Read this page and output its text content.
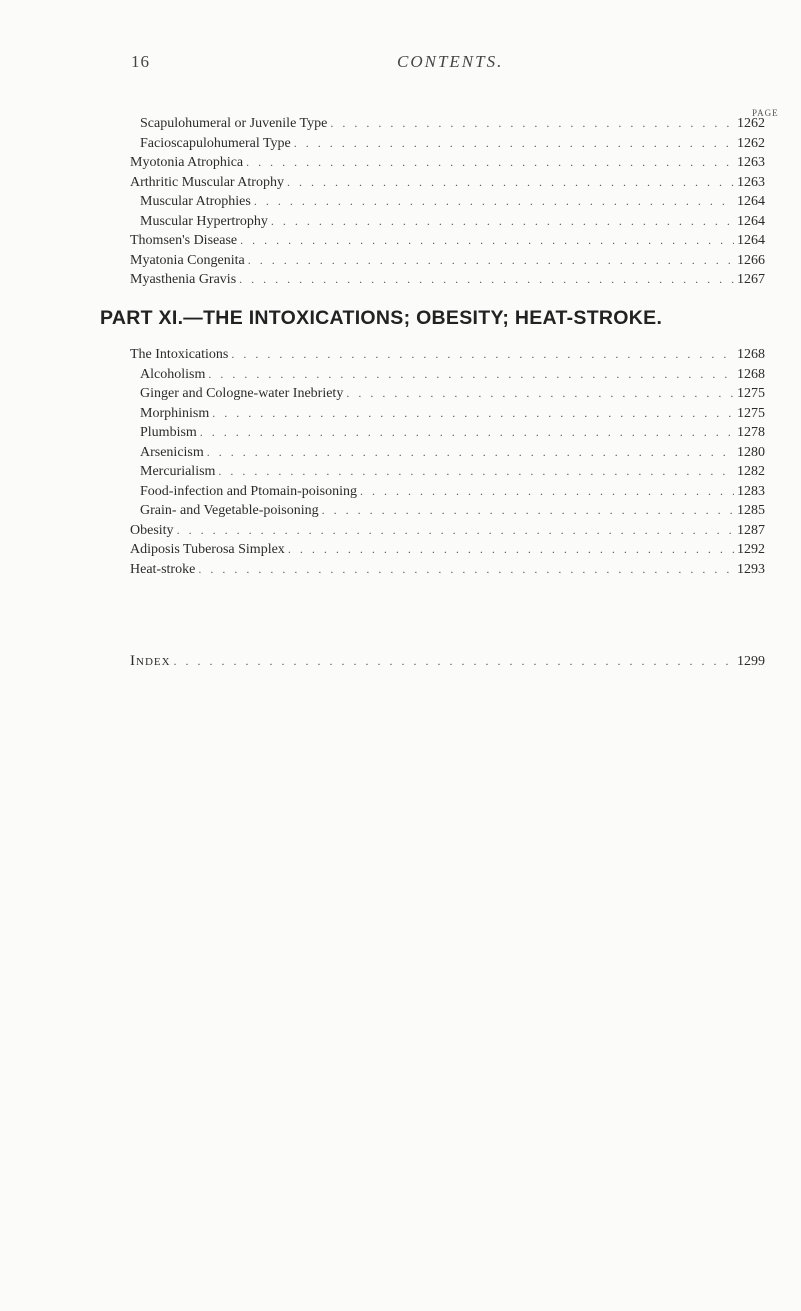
16	CONTENTS.
PAGE
Scapulohumeral or Juvenile Type . . .	1262
Facioscapulohumeral Type . . .	1262
Myotonia Atrophica . . .	1263
Arthritic Muscular Atrophy . . .	1263
Muscular Atrophies . . .	1264
Muscular Hypertrophy . . .	1264
Thomsen's Disease . . .	1264
Myatonia Congenita . . .	1266
Myasthenia Gravis . . .	1267
PART XI.—THE INTOXICATIONS; OBESITY; HEAT-STROKE.
The Intoxications . . .	1268
Alcoholism . . .	1268
Ginger and Cologne-water Inebriety . . .	1275
Morphinism . . .	1275
Plumbism . . .	1278
Arsenicism . . .	1280
Mercurialism . . .	1282
Food-infection and Ptomain-poisoning . . .	1283
Grain- and Vegetable-poisoning . . .	1285
Obesity . . .	1287
Adiposis Tuberosa Simplex . . .	1292
Heat-stroke . . .	1293
Index . . .	1299
